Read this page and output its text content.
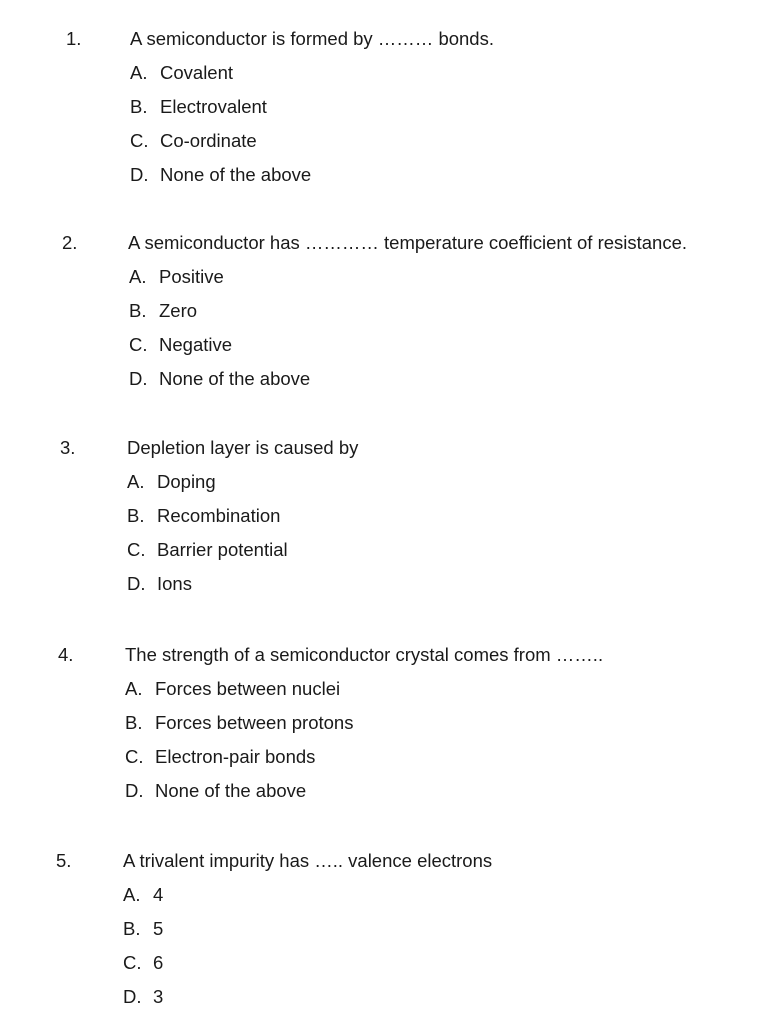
1.	A semiconductor is formed by ……… bonds.
A. Covalent
B. Electrovalent
C. Co-ordinate
D. None of the above
2.	A semiconductor has ………… temperature coefficient of resistance.
A. Positive
B. Zero
C. Negative
D. None of the above
3.	Depletion layer is caused by
A. Doping
B. Recombination
C. Barrier potential
D. Ions
4.	The strength of a semiconductor crystal comes from ……..
A. Forces between nuclei
B. Forces between protons
C. Electron-pair bonds
D. None of the above
5.	A trivalent impurity has ….. valence electrons
A. 4
B. 5
C. 6
D. 3
